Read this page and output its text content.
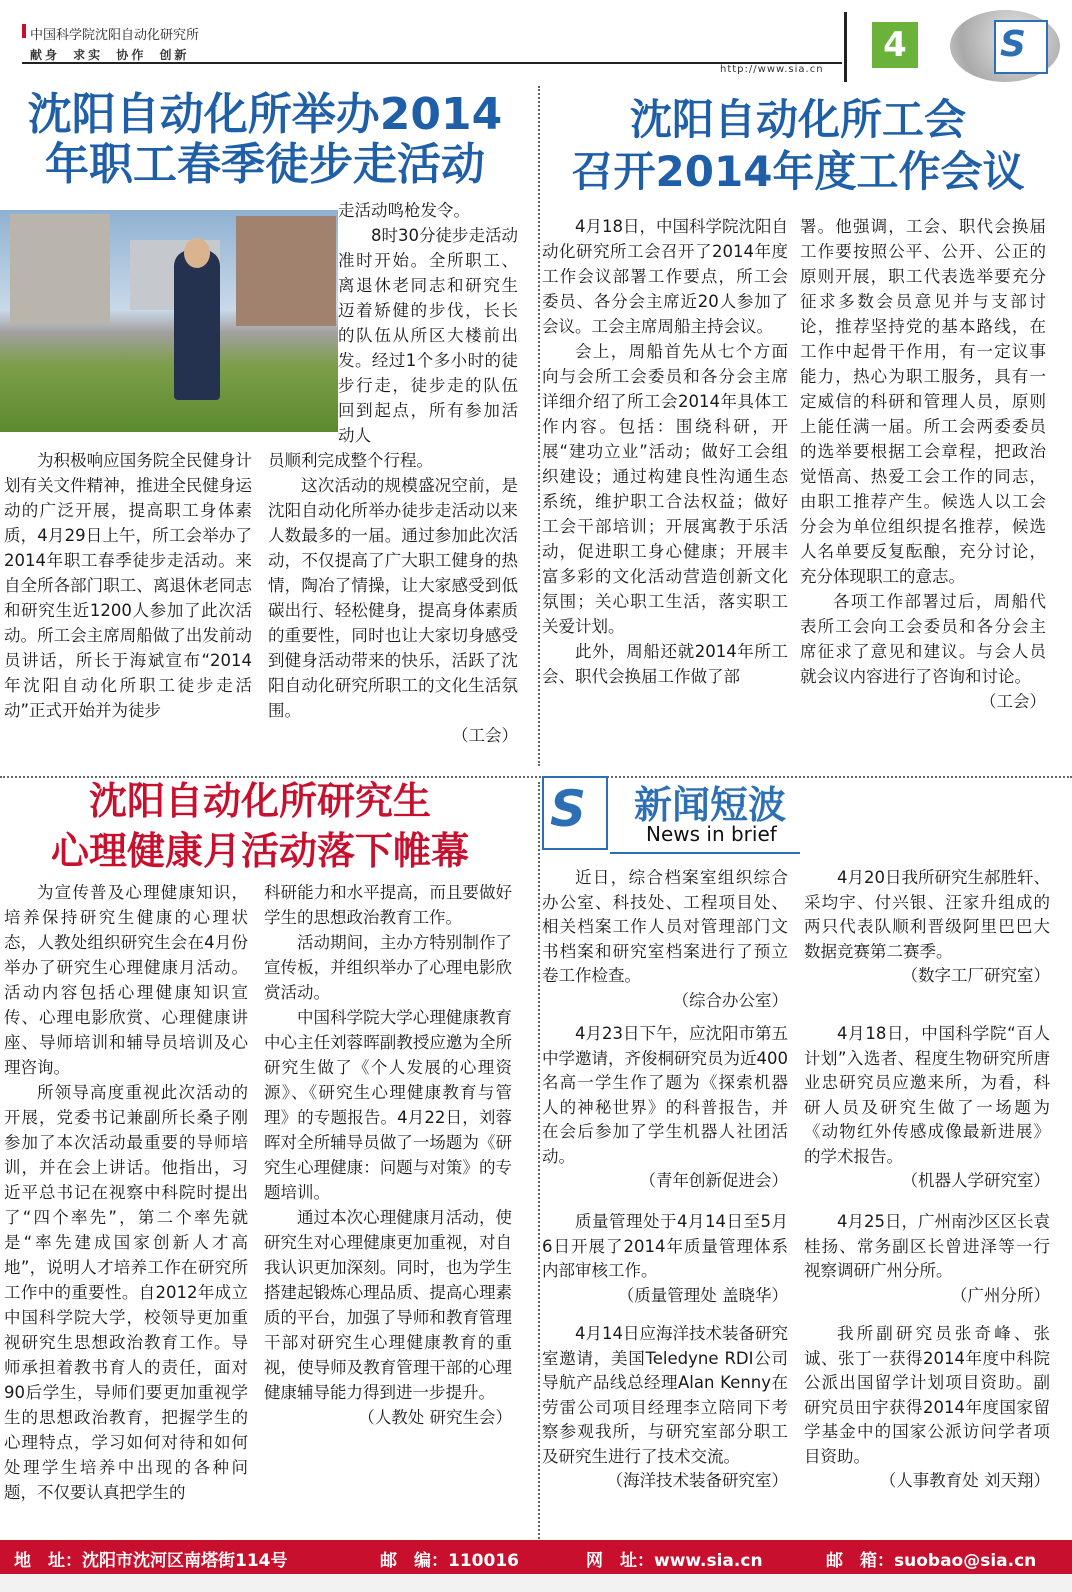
中国科学院沈阳自动化研究所
献身 求实 协作 创新
http://www.sia.cn
4	S
沈阳自动化所举办2014
年职工春季徒步走活动

走活动鸣枪发令。

8时30分徒步走活动准时开始。全所职工、离退休老同志和研究生迈着矫健的步伐，长长的队伍从所区大楼前出发。经过1个多小时的徒步行走，徒步走的队伍回到起点，所有参加活动人

为积极响应国务院全民健身计划有关文件精神，推进全民健身运动的广泛开展，提高职工身体素质，4月29日上午，所工会举办了2014年职工春季徒步走活动。来自全所各部门职工、离退休老同志和研究生近1200人参加了此次活动。所工会主席周船做了出发前动员讲话，所长于海斌宣布“2014年沈阳自动化所职工徒步走活动”正式开始并为徒步

员顺利完成整个行程。

这次活动的规模盛况空前，是沈阳自动化所举办徒步走活动以来人数最多的一届。通过参加此次活动，不仅提高了广大职工健身的热情，陶冶了情操，让大家感受到低碳出行、轻松健身，提高身体素质的重要性，同时也让大家切身感受到健身活动带来的快乐，活跃了沈阳自动化研究所职工的文化生活氛围。

（工会）

沈阳自动化所工会
召开2014年度工作会议

4月18日，中国科学院沈阳自动化研究所工会召开了2014年度工作会议部署工作要点，所工会委员、各分会主席近20人参加了会议。工会主席周船主持会议。

会上，周船首先从七个方面向与会所工会委员和各分会主席详细介绍了所工会2014年具体工作内容。包括：围绕科研，开展“建功立业”活动；做好工会组织建设；通过构建良性沟通生态系统，维护职工合法权益；做好工会干部培训；开展寓教于乐活动，促进职工身心健康；开展丰富多彩的文化活动营造创新文化氛围；关心职工生活，落实职工关爱计划。

此外，周船还就2014年所工会、职代会换届工作做了部

署。他强调，工会、职代会换届工作要按照公平、公开、公正的原则开展，职工代表选举要充分征求多数会员意见并与支部讨论，推荐坚持党的基本路线，在工作中起骨干作用，有一定议事能力，热心为职工服务，具有一定威信的科研和管理人员，原则上能任满一届。所工会两委委员的选举要根据工会章程，把政治觉悟高、热爱工会工作的同志，由职工推荐产生。候选人以工会分会为单位组织提名推荐，候选人名单要反复酝酿，充分讨论，充分体现职工的意志。

各项工作部署过后，周船代表所工会向工会委员和各分会主席征求了意见和建议。与会人员就会议内容进行了咨询和讨论。

（工会）

沈阳自动化所研究生
心理健康月活动落下帷幕

为宣传普及心理健康知识，培养保持研究生健康的心理状态，人教处组织研究生会在4月份举办了研究生心理健康月活动。活动内容包括心理健康知识宣传、心理电影欣赏、心理健康讲座、导师培训和辅导员培训及心理咨询。

所领导高度重视此次活动的开展，党委书记兼副所长桑子刚参加了本次活动最重要的导师培训，并在会上讲话。他指出，习近平总书记在视察中科院时提出了“四个率先”，第二个率先就是“率先建成国家创新人才高地”，说明人才培养工作在研究所工作中的重要性。自2012年成立中国科学院大学，校领导更加重视研究生思想政治教育工作。导师承担着教书育人的责任，面对90后学生，导师们要更加重视学生的思想政治教育，把握学生的心理特点，学习如何对待和如何处理学生培养中出现的各种问题，不仅要认真把学生的

科研能力和水平提高，而且要做好学生的思想政治教育工作。

活动期间，主办方特别制作了宣传板，并组织举办了心理电影欣赏活动。

中国科学院大学心理健康教育中心主任刘蓉晖副教授应邀为全所研究生做了《个人发展的心理资源》、《研究生心理健康教育与管理》的专题报告。4月22日，刘蓉晖对全所辅导员做了一场题为《研究生心理健康：问题与对策》的专题培训。

通过本次心理健康月活动，使研究生对心理健康更加重视，对自我认识更加深刻。同时，也为学生搭建起锻炼心理品质、提高心理素质的平台，加强了导师和教育管理干部对研究生心理健康教育的重视，使导师及教育管理干部的心理健康辅导能力得到进一步提升。

（人教处 研究生会）

S 新闻短波
News in brief

近日，综合档案室组织综合办公室、科技处、工程项目处、相关档案工作人员对管理部门文书档案和研究室档案进行了预立卷工作检查。

（综合办公室）

4月20日我所研究生郝胜轩、采均宇、付兴银、汪家升组成的两只代表队顺利晋级阿里巴巴大数据竞赛第二赛季。

（数字工厂研究室）

4月23日下午，应沈阳市第五中学邀请，齐俊桐研究员为近400名高一学生作了题为《探索机器人的神秘世界》的科普报告，并在会后参加了学生机器人社团活动。

（青年创新促进会）

4月18日，中国科学院“百人计划”入选者、程度生物研究所唐业忠研究员应邀来所，为看，科研人员及研究生做了一场题为《动物红外传感成像最新进展》的学术报告。

（机器人学研究室）

质量管理处于4月14日至5月6日开展了2014年质量管理体系内部审核工作。

（质量管理处 盖晓华）

4月25日，广州南沙区区长袁桂扬、常务副区长曾进泽等一行视察调研广州分所。

（广州分所）

4月14日应海洋技术装备研究室邀请，美国Teledyne RDI公司导航产品线总经理Alan Kenny在劳雷公司项目经理李立陪同下考察参观我所，与研究室部分职工及研究生进行了技术交流。

（海洋技术装备研究室）

我所副研究员张奇峰、张诚、张丁一获得2014年度中科院公派出国留学计划项目资助。副研究员田宇获得2014年度国家留学基金中的国家公派访问学者项目资助。

（人事教育处 刘天翔）

地　址：沈阳市沈河区南塔街114号	邮　编：110016	网　址：www.sia.cn	邮　箱：suobao@sia.cn
